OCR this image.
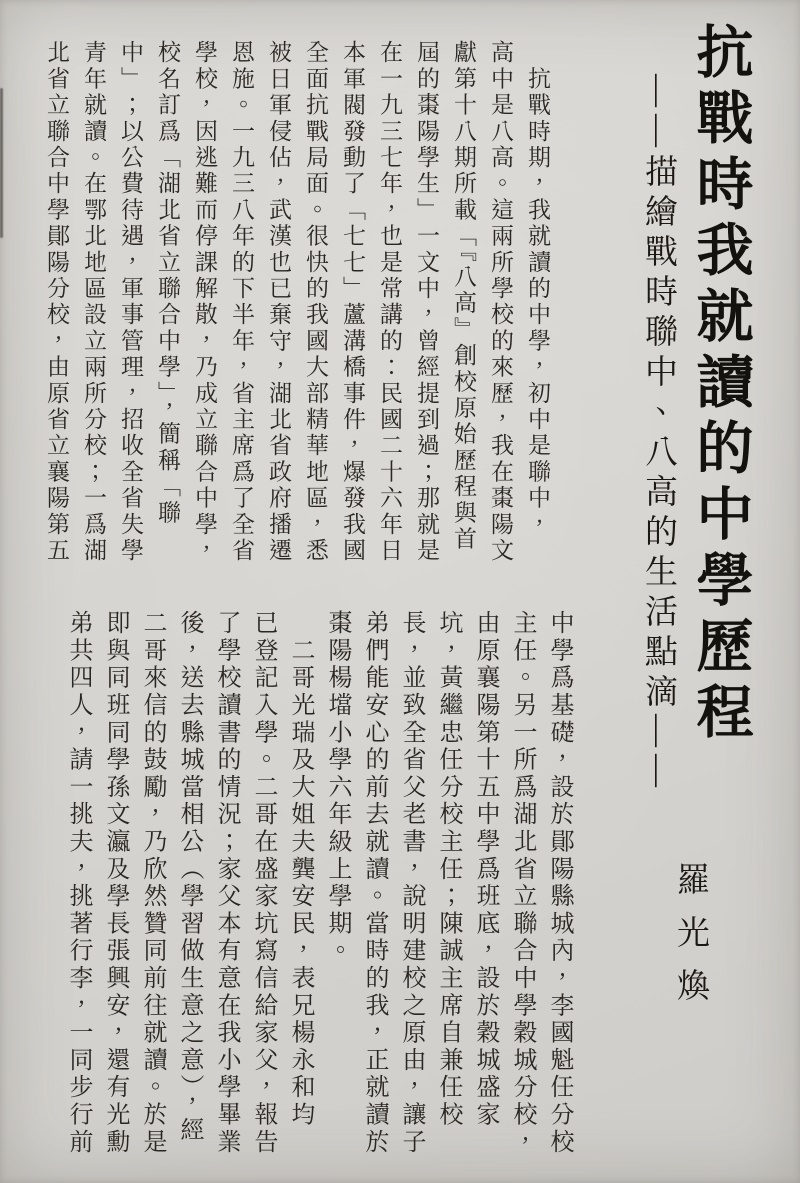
抗戰時我就讀的中學歷程
——描繪戰時聯中、八高的生活點滴——
羅光煥

　抗戰時期，我就讀的中學，初中是聯中，

高中是八高。這兩所學校的來歷，我在棗陽文

獻第十八期所載「『八高』創校原始歷程與首

屆的棗陽學生」一文中，曾經提到過；那就是

在一九三七年，也是常講的：民國二十六年日

本軍閥發動了「七七」蘆溝橋事件，爆發我國

全面抗戰局面。很快的我國大部精華地區，悉

被日軍侵佔，武漢也已棄守，湖北省政府播遷

恩施。一九三八年的下半年，省主席爲了全省

學校，因逃難而停課解散，乃成立聯合中學，

校名訂爲「湖北省立聯合中學」，簡稱「聯

中」；以公費待遇，軍事管理，招收全省失學

青年就讀。在鄂北地區設立兩所分校；一爲湖

北省立聯合中學鄖陽分校，由原省立襄陽第五

中學爲基礎，設於鄖陽縣城內，李國魁任分校

主任。另一所爲湖北省立聯合中學穀城分校，

由原襄陽第十五中學爲班底，設於穀城盛家

坑，黃繼忠任分校主任；陳誠主席自兼任校

長，並致全省父老書，說明建校之原由，讓子

弟們能安心的前去就讀。當時的我，正就讀於

棗陽楊壋小學六年級上學期。

　二哥光瑞及大姐夫龔安民，表兄楊永和均

已登記入學。二哥在盛家坑寫信給家父，報告

了學校讀書的情況；家父本有意在我小學畢業

後，送去縣城當相公（學習做生意之意），經

二哥來信的鼓勵，乃欣然贊同前往就讀。於是

即與同班同學孫文瀛及學長張興安，還有光勳

弟共四人，請一挑夫，挑著行李，一同步行前
